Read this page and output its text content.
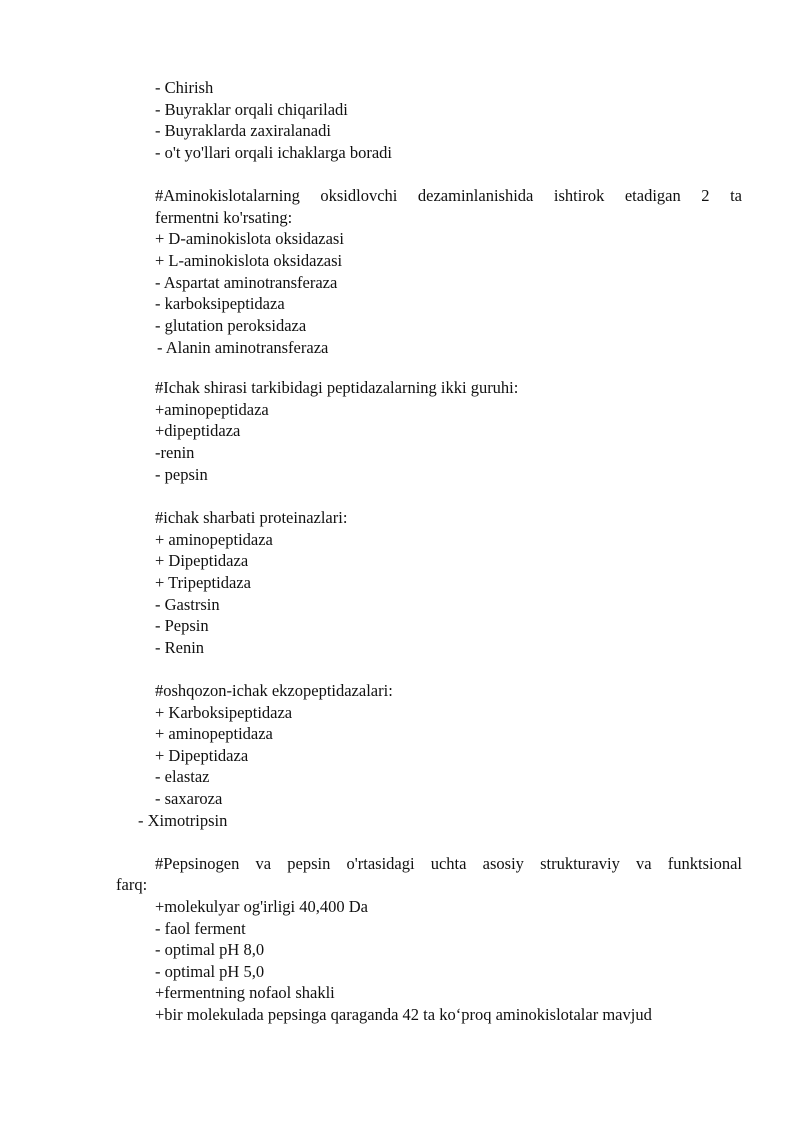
- Chirish

- Buyraklar orqali chiqariladi

- Buyraklarda zaxiralanadi

- o't yo'llari orqali ichaklarga boradi

#Aminokislotalarning oksidlovchi dezaminlanishida ishtirok etadigan 2 ta

fermentni ko'rsating:

+ D-aminokislota oksidazasi

+ L-aminokislota oksidazasi

- Aspartat aminotransferaza

- karboksipeptidaza

- glutation peroksidaza

- Alanin aminotransferaza

#Ichak shirasi tarkibidagi peptidazalarning ikki guruhi:

+aminopeptidaza

+dipeptidaza

-renin

- pepsin

#ichak sharbati proteinazlari:

+ aminopeptidaza

+ Dipeptidaza

+ Tripeptidaza

- Gastrsin

- Pepsin

- Renin

#oshqozon-ichak ekzopeptidazalari:

+ Karboksipeptidaza

+ aminopeptidaza

+ Dipeptidaza

- elastaz

- saxaroza

- Ximotripsin

#Pepsinogen va pepsin o'rtasidagi uchta asosiy strukturaviy va funktsional

farq:

+molekulyar og'irligi 40,400 Da

- faol ferment

- optimal pH 8,0

- optimal pH 5,0

+fermentning nofaol shakli

+bir molekulada pepsinga qaraganda 42 ta ko‘proq aminokislotalar mavjud
